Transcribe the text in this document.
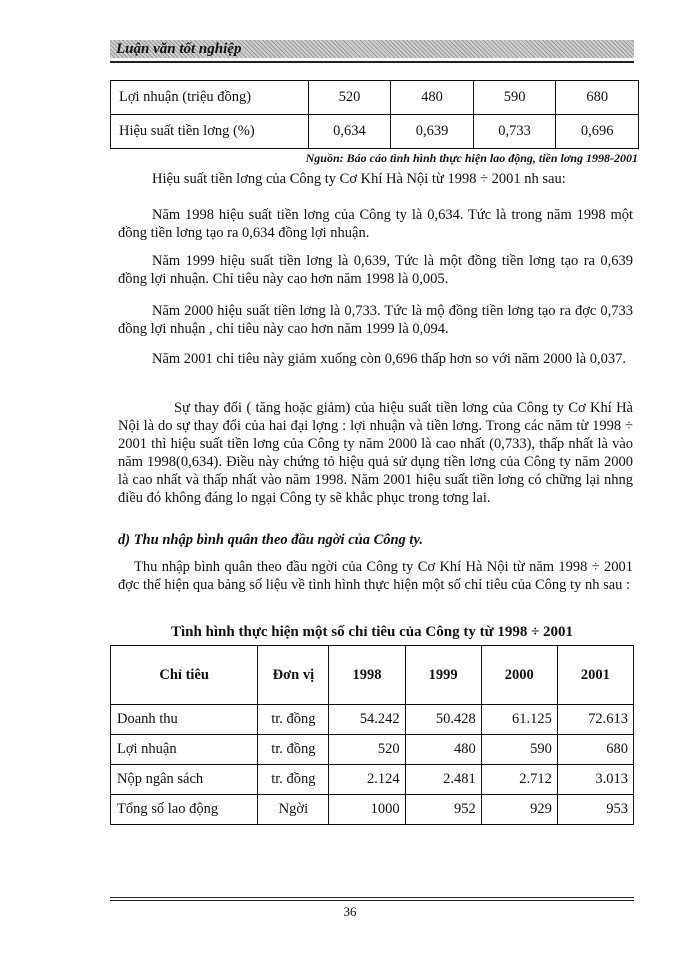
Luận văn tốt nghiệp
Lợi nhuận (triệu đồng)	520	480	590	680
Hiệu suất tiền lơng (%)	0,634	0,639	0,733	0,696
Nguồn: Báo cáo tình hình thực hiện lao động, tiền lơng 1998-2001

Hiệu suất tiền lơng của Công ty Cơ Khí Hà Nội từ 1998 ÷ 2001 nh sau:

Năm 1998 hiệu suất tiền lơng của Công ty là 0,634. Tức là trong năm 1998 một đồng tiền lơng tạo ra 0,634 đồng lợi nhuận.

Năm 1999 hiệu suất tiền lơng là 0,639, Tức là một đồng tiền lơng tạo ra 0,639 đồng lợi nhuận. Chỉ tiêu này cao hơn năm 1998 là 0,005.

Năm 2000 hiệu suất tiền lơng là 0,733. Tức là mộ đồng tiền lơng tạo ra đợc 0,733 đồng lợi nhuận , chỉ tiêu này cao hơn năm 1999 là 0,094.

Năm 2001 chỉ tiêu này giảm xuống còn 0,696 thấp hơn so với năm 2000 là 0,037.

Sự thay đổi ( tăng hoặc giảm) của hiệu suất tiền lơng của Công ty Cơ Khí Hà Nội là do sự thay đổi của hai đại lợng : lợi nhuận và tiền lơng. Trong các năm từ 1998 ÷ 2001 thì hiệu suất tiền lơng của Công ty năm 2000 là cao nhất (0,733), thấp nhất là vào năm 1998(0,634). Điều này chứng tỏ hiệu quả sử dụng tiền lơng của Công ty năm 2000 là cao nhất và thấp nhất vào năm 1998. Năm 2001 hiệu suất tiền lơng có chững lại nhng điều đó không đáng lo ngại Công ty sẽ khắc phục trong tơng lai.

d) Thu nhập bình quân theo đầu ngời của Công ty.

Thu nhập bình quân theo đầu ngời của Công ty Cơ Khí Hà Nội từ năm 1998 ÷ 2001 đợc thể hiện qua bảng số liệu về tình hình thực hiện một số chỉ tiêu của Công ty nh sau :

Tình hình thực hiện một số chỉ tiêu của Công ty từ 1998 ÷ 2001
Chỉ tiêu	Đơn vị	1998	1999	2000	2001
Doanh thu	tr. đồng	54.242	50.428	61.125	72.613
Lợi nhuận	tr. đồng	520	480	590	680
Nộp ngân sách	tr. đồng	2.124	2.481	2.712	3.013
Tổng số lao động	Ngời	1000	952	929	953
36
